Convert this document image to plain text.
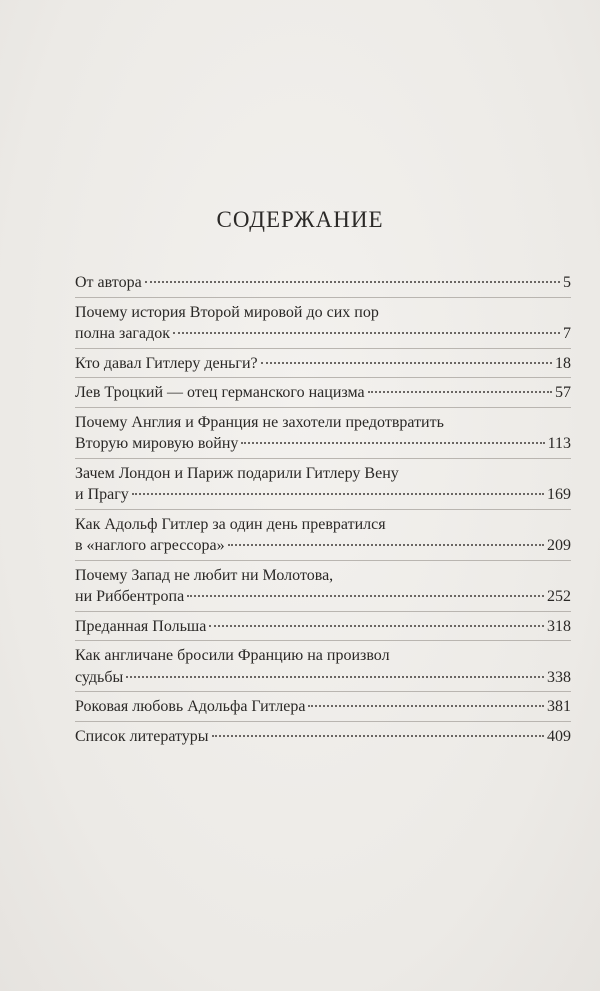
СОДЕРЖАНИЕ
От автора	5
Почему история Второй мировой до сих пор
полна загадок	7
Кто давал Гитлеру деньги?	18
Лев Троцкий — отец германского нацизма	57
Почему Англия и Франция не захотели предотвратить
Вторую мировую войну	113
Зачем Лондон и Париж подарили Гитлеру Вену
и Прагу	169
Как Адольф Гитлер за один день превратился
в «наглого агрессора»	209
Почему Запад не любит ни Молотова,
ни Риббентропа	252
Преданная Польша	318
Как англичане бросили Францию на произвол
судьбы	338
Роковая любовь Адольфа Гитлера	381
Список литературы	409
